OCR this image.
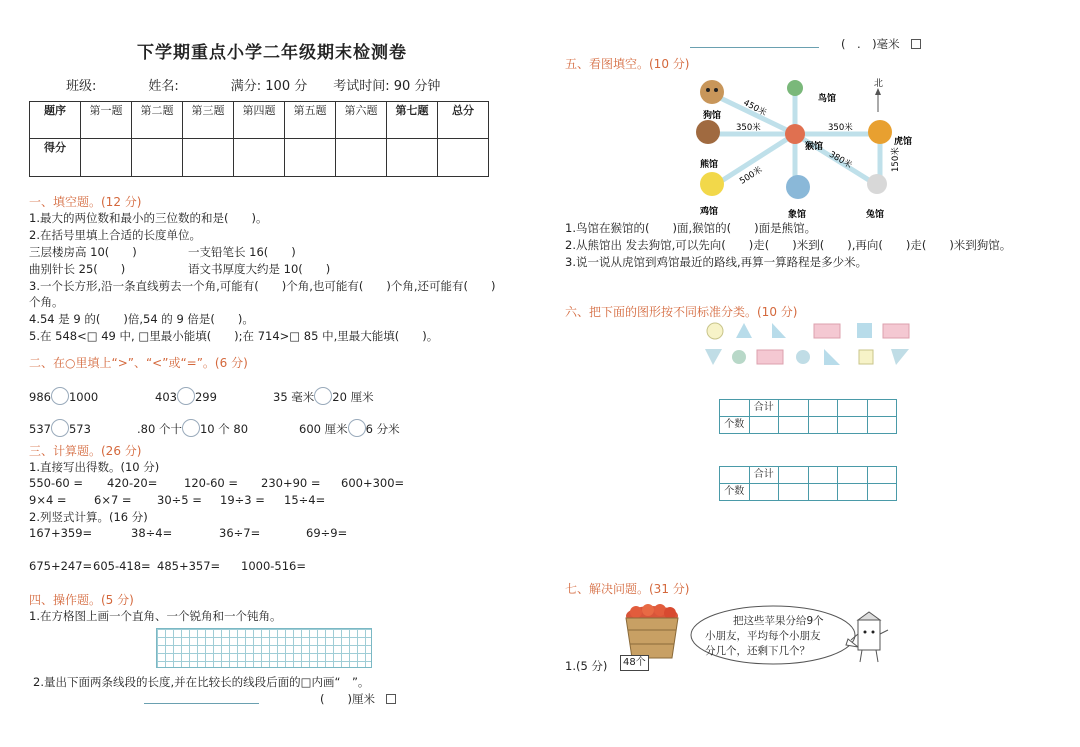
下学期重点小学二年级期末检测卷
班级:　　　　姓名:　　　　满分: 100 分　　考试时间: 90 分钟
题序	第一题	第二题	第三题	第四题	第五题	第六题	第七题	总分
得分								
一、填空题。(12 分)
1.最大的两位数和最小的三位数的和是(　　)。
2.在括号里填上合适的长度单位。
三层楼房高 10(　　)	一支铅笔长 16(　　)
曲别针长 25(　　)	语文书厚度大约是 10(　　)
3.一个长方形,沿一条直线剪去一个角,可能有(　　)个角,也可能有(　　)个角,还可能有(　　)
个角。
4.54 是 9 的(　　)倍,54 的 9 倍是(　　)。
5.在 548<□ 49 中, □里最小能填(　　);在 714>□ 85 中,里最大能填(　　)。
二、在○里填上“>”、“<”或“=”。(6 分)
986 1000	403 299	35 毫米 20 厘米
537 573	.80 个十 10 个 80	600 厘米 6 分米
三、计算题。(26 分)
1.直接写出得数。(10 分)
550-60 = 420-20= 120-60 = 230+90 = 600+300=
9×4 = 6×7 = 30÷5 = 19÷3 = 15÷4=
2.列竖式计算。(16 分)
167+359=	38÷4=	36÷7=	69÷9=
675+247= 605-418= 485+357= 1000-516=
四、操作题。(5 分)
1.在方格图上画一个直角、一个锐角和一个钝角。
2.量出下面两条线段的长度,并在比较长的线段后面的□内画“　”。
(　　)厘米　
(　.　)毫米　
五、看图填空。(10 分)
北
狗馆
鸟馆
熊馆
猴馆	虎馆
鸡馆	象馆	兔馆
450米
350米	350米
500米
380米	150米
1.鸟馆在猴馆的(　　)面,猴馆的(　　)面是熊馆。
2.从熊馆出 发去狗馆,可以先向(　　)走(　　)米到(　　),再向(　　)走(　　)米到狗馆。
3.说一说从虎馆到鸡馆最近的路线,再算一算路程是多少米。
六、把下面的图形按不同标准分类。(10 分)
	合计				
个数					
	合计				
个数					
七、解决问题。(31 分)
48个
把这些苹果分给9个
小朋友，平均每个小朋友
分几个，还剩下几个？
1.(5 分)
